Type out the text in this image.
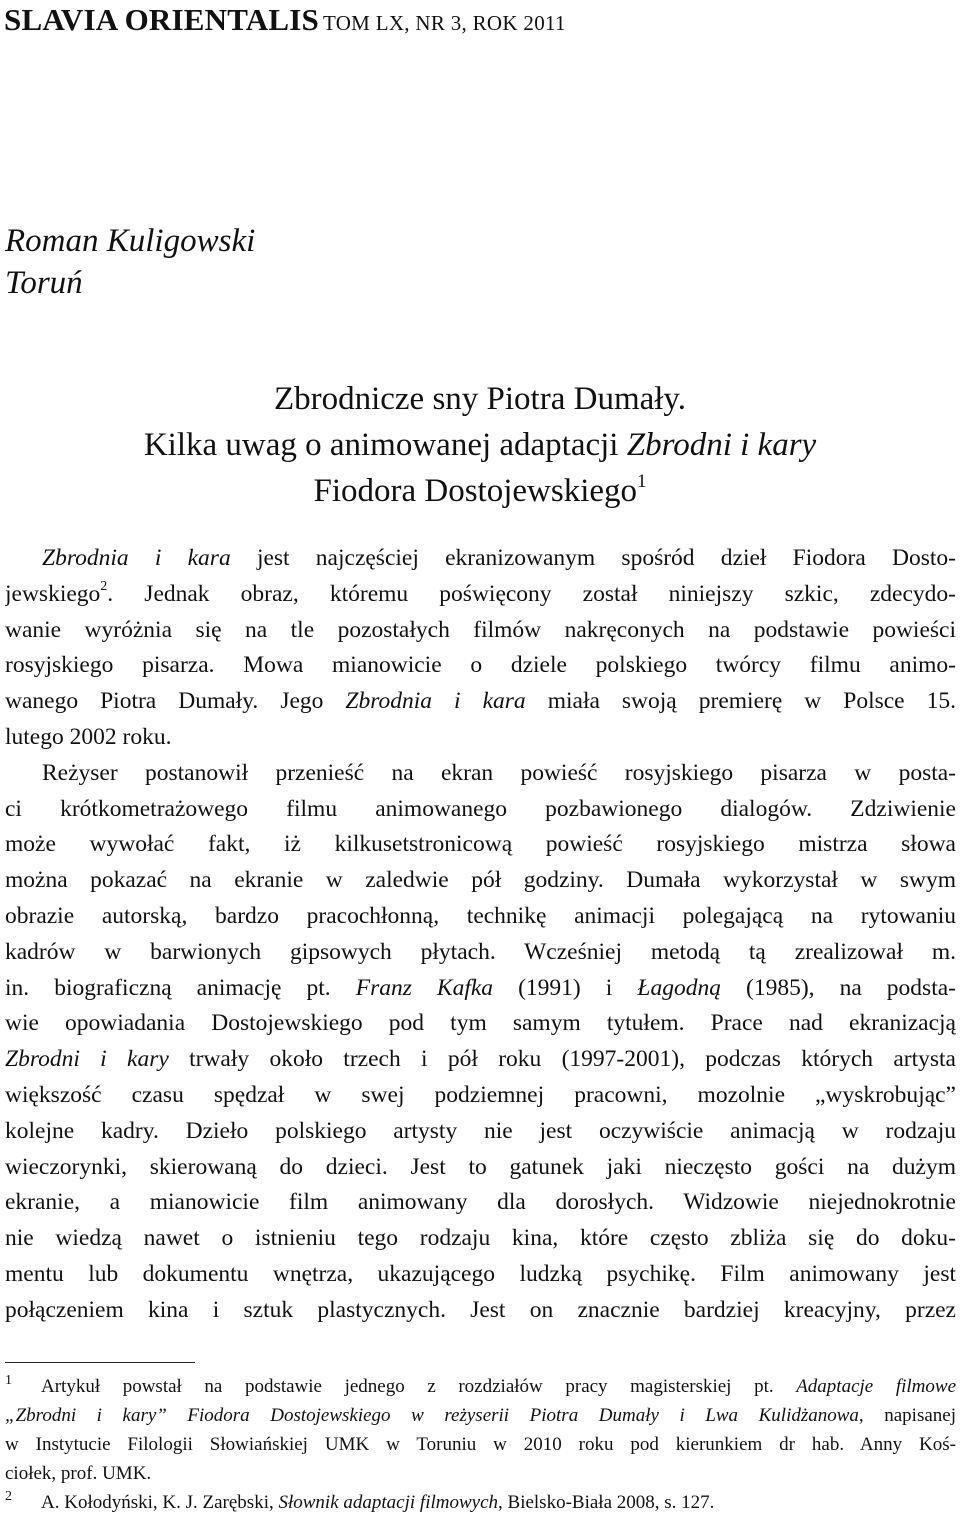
SLAVIA ORIENTALIS TOM LX, NR 3, ROK 2011
Roman Kuligowski
Toruń
Zbrodnicze sny Piotra Dumały.
Kilka uwag o animowanej adaptacji Zbrodni i kary
Fiodora Dostojewskiego$^1$
Zbrodnia i kara jest najczęściej ekranizowanym spośród dzieł Fiodora Dosto-
jewskiego$^2$. Jednak obraz, któremu poświęcony został niniejszy szkic, zdecydo-
wanie wyróżnia się na tle pozostałych filmów nakręconych na podstawie powieści
rosyjskiego pisarza. Mowa mianowicie o dziele polskiego twórcy filmu animo-
wanego Piotra Dumały. Jego Zbrodnia i kara miała swoją premierę w Polsce 15.
lutego 2002 roku.
Reżyser postanowił przenieść na ekran powieść rosyjskiego pisarza w posta-
ci krótkometrażowego filmu animowanego pozbawionego dialogów. Zdziwienie
może wywołać fakt, iż kilkusetstronicową powieść rosyjskiego mistrza słowa
można pokazać na ekranie w zaledwie pół godziny. Dumała wykorzystał w swym
obrazie autorską, bardzo pracochłonną, technikę animacji polegającą na rytowaniu
kadrów w barwionych gipsowych płytach. Wcześniej metodą tą zrealizował m.
in. biograficzną animację pt. Franz Kafka (1991) i Łagodną (1985), na podsta-
wie opowiadania Dostojewskiego pod tym samym tytułem. Prace nad ekranizacją
Zbrodni i kary trwały około trzech i pół roku (1997-2001), podczas których artysta
większość czasu spędzał w swej podziemnej pracowni, mozolnie „wyskrobując”
kolejne kadry. Dzieło polskiego artysty nie jest oczywiście animacją w rodzaju
wieczorynki, skierowaną do dzieci. Jest to gatunek jaki nieczęsto gości na dużym
ekranie, a mianowicie film animowany dla dorosłych. Widzowie niejednokrotnie
nie wiedzą nawet o istnieniu tego rodzaju kina, które często zbliża się do doku-
mentu lub dokumentu wnętrza, ukazującego ludzką psychikę. Film animowany jest
połączeniem kina i sztuk plastycznych. Jest on znacznie bardziej kreacyjny, przez
1 Artykuł powstał na podstawie jednego z rozdziałów pracy magisterskiej pt. Adaptacje filmowe
„Zbrodni i kary” Fiodora Dostojewskiego w reżyserii Piotra Dumały i Lwa Kulidżanowa, napisanej
w Instytucie Filologii Słowiańskiej UMK w Toruniu w 2010 roku pod kierunkiem dr hab. Anny Koś-
ciołek, prof. UMK.
2 A. Kołodyński, K. J. Zarębski, Słownik adaptacji filmowych, Bielsko-Biała 2008, s. 127.
